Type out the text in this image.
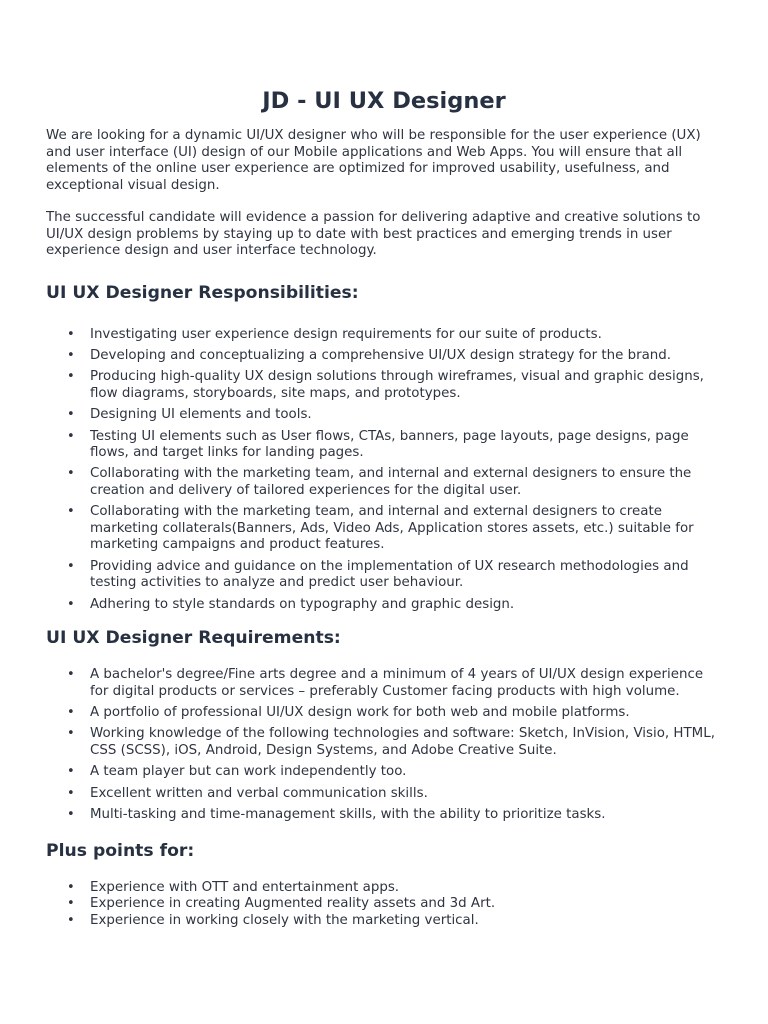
JD - UI UX Designer

We are looking for a dynamic UI/UX designer who will be responsible for the user experience (UX) and user interface (UI) design of our Mobile applications and Web Apps. You will ensure that all elements of the online user experience are optimized for improved usability, usefulness, and exceptional visual design.

The successful candidate will evidence a passion for delivering adaptive and creative solutions to UI/UX design problems by staying up to date with best practices and emerging trends in user experience design and user interface technology.

UI UX Designer Responsibilities:
• Investigating user experience design requirements for our suite of products.
• Developing and conceptualizing a comprehensive UI/UX design strategy for the brand.
• Producing high-quality UX design solutions through wireframes, visual and graphic designs, flow diagrams, storyboards, site maps, and prototypes.
• Designing UI elements and tools.
• Testing UI elements such as User flows, CTAs, banners, page layouts, page designs, page flows, and target links for landing pages.
• Collaborating with the marketing team, and internal and external designers to ensure the creation and delivery of tailored experiences for the digital user.
• Collaborating with the marketing team, and internal and external designers to create marketing collaterals(Banners, Ads, Video Ads, Application stores assets, etc.) suitable for marketing campaigns and product features.
• Providing advice and guidance on the implementation of UX research methodologies and testing activities to analyze and predict user behaviour.
• Adhering to style standards on typography and graphic design.
UI UX Designer Requirements:
• A bachelor's degree/Fine arts degree and a minimum of 4 years of UI/UX design experience for digital products or services – preferably Customer facing products with high volume.
• A portfolio of professional UI/UX design work for both web and mobile platforms.
• Working knowledge of the following technologies and software: Sketch, InVision, Visio, HTML, CSS (SCSS), iOS, Android, Design Systems, and Adobe Creative Suite.
• A team player but can work independently too.
• Excellent written and verbal communication skills.
• Multi-tasking and time-management skills, with the ability to prioritize tasks.
Plus points for:
• Experience with OTT and entertainment apps.
• Experience in creating Augmented reality assets and 3d Art.
• Experience in working closely with the marketing vertical.
